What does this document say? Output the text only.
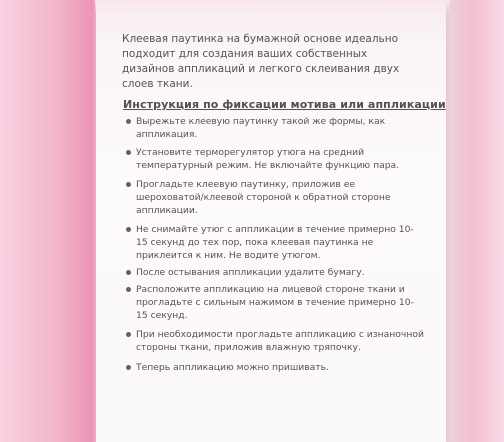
Клеевая паутинка на бумажной основе идеально подходит для создания ваших собственных дизайнов аппликаций и легкого склеивания двух слоев ткани.
Инструкция по фиксации мотива или аппликации
Вырежьте клеевую паутинку такой же формы, как аппликация.
Установите терморегулятор утюга на средний температурный режим. Не включайте функцию пара.
Прогладьте клеевую паутинку, приложив ее шероховатой/клеевой стороной к обратной стороне аппликации.
Не снимайте утюг с аппликации в течение примерно 10-15 секунд до тех пор, пока клеевая паутинка не приклеится к ним. Не водите утюгом.
После остывания аппликации удалите бумагу.
Расположите аппликацию на лицевой стороне ткани и прогладьте с сильным нажимом в течение примерно 10-15 секунд.
При необходимости прогладьте аппликацию с изнаночной стороны ткани, приложив влажную тряпочку.
Теперь аппликацию можно пришивать.
